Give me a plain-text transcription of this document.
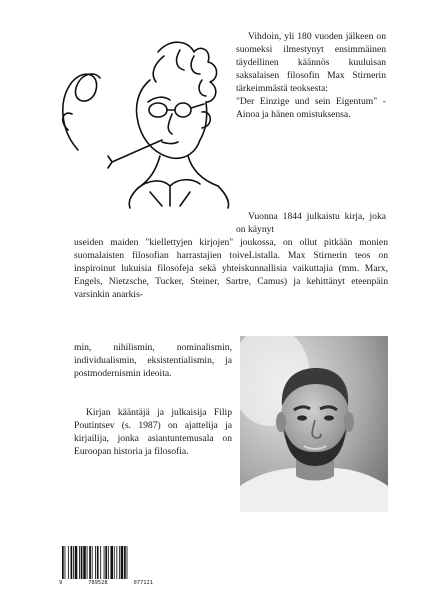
Vihdoin, yli 180 vuoden jälkeen on suomeksi ilmestynyt ensimmäinen täydellinen käännös kuuluisan saksalaisen filosofin Max Stirnerin tärkeimmästä teoksesta:

"Der Einzige und sein Eigentum" - Ainoa ja hänen omistuksensa.

Vuonna 1844 julkaistu kirja, joka on käynyt

useiden maiden "kiellettyjen kirjojen" joukossa, on ollut pitkään monien suomalaisten filosofian harrastajien toiveListalla. Max Stirnerin teos on inspiroinut lukuisia filosofeja sekä yhteiskunnallisia vaikuttajia (mm. Marx, Engels, Nietzsche, Tucker, Steiner, Sartre, Camus) ja kehittänyt eteenpäin varsinkin anarkis-

min, nihilismin, nominalismin, individualismin, eksistentialismin, ja postmodernismin ideoita.

Kirjan kääntäjä ja julkaisija Filip Poutintsev (s. 1987) on ajattelija ja kirjailija, jonka asiantuntemusala on Euroopan historia ja filosofia.

9	789528	077121
